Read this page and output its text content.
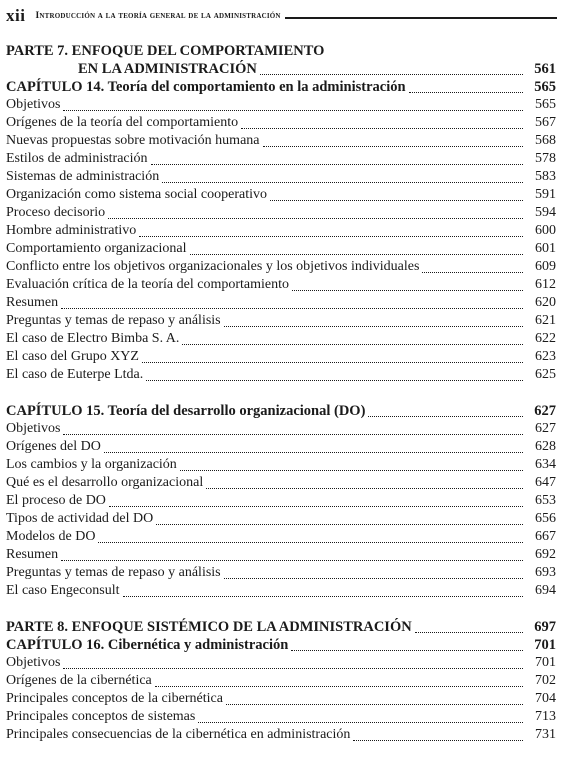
xii Introducción a la teoría general de la administración
PARTE 7. ENFOQUE DEL COMPORTAMIENTO
EN LA ADMINISTRACIÓN	561
CAPÍTULO 14. Teoría del comportamiento en la administración	565
Objetivos	565
Orígenes de la teoría del comportamiento	567
Nuevas propuestas sobre motivación humana	568
Estilos de administración	578
Sistemas de administración	583
Organización como sistema social cooperativo	591
Proceso decisorio	594
Hombre administrativo	600
Comportamiento organizacional	601
Conflicto entre los objetivos organizacionales y los objetivos individuales	609
Evaluación crítica de la teoría del comportamiento	612
Resumen	620
Preguntas y temas de repaso y análisis	621
El caso de Electro Bimba S. A.	622
El caso del Grupo XYZ	623
El caso de Euterpe Ltda.	625
CAPÍTULO 15. Teoría del desarrollo organizacional (DO)	627
Objetivos	627
Orígenes del DO	628
Los cambios y la organización	634
Qué es el desarrollo organizacional	647
El proceso de DO	653
Tipos de actividad del DO	656
Modelos de DO	667
Resumen	692
Preguntas y temas de repaso y análisis	693
El caso Engeconsult	694
PARTE 8. ENFOQUE SISTÉMICO DE LA ADMINISTRACIÓN	697
CAPÍTULO 16. Cibernética y administración	701
Objetivos	701
Orígenes de la cibernética	702
Principales conceptos de la cibernética	704
Principales conceptos de sistemas	713
Principales consecuencias de la cibernética en administración	731
